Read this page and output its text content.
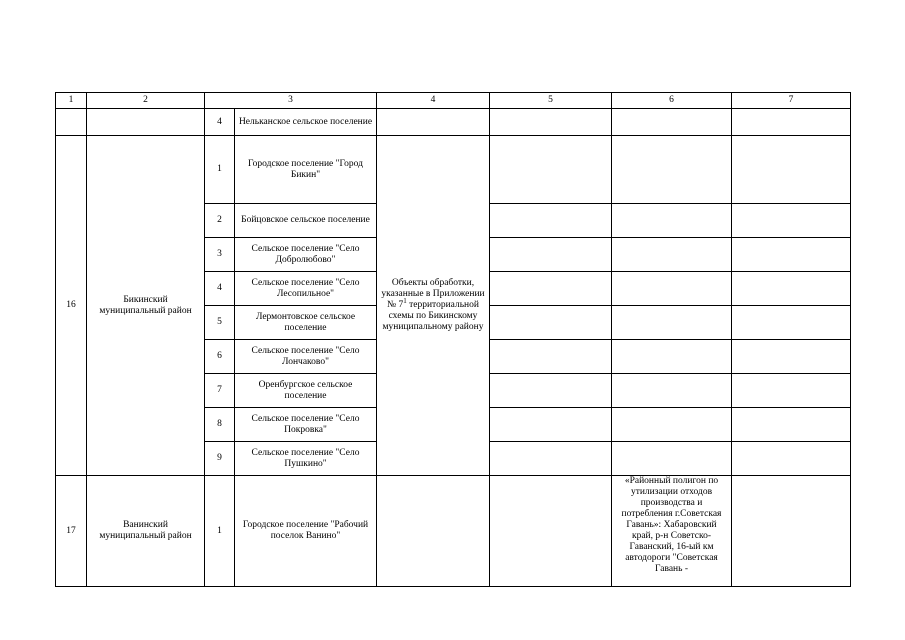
1	2	3		4	5	6	7
		4	Нельканское сельское поселение				
16	Бикинский муниципальный район	1	Городское поселение "Город Бикин"	Объекты обработки, указанные в Приложении № $7^1$ территориальной схемы по Бикинскому муниципальному району			

		2	Бойцовское сельское поселение				
		3	Сельское поселение "Село Добролюбово"				
		4	Сельское поселение "Село Лесопильное"				
		5	Лермонтовское сельское поселение				
		6	Сельское поселение "Село Лончаково"				
		7	Оренбургское сельское поселение				
		8	Сельское поселение "Село Покровка"				
		9	Сельское поселение "Село Пушкино"				
17	Ванинский муниципальный район	1	Городское поселение "Рабочий поселок Ванино"			«Районный полигон по утилизации отходов производства и потребления г.Советская Гавань»: Хабаровский край, р-н Советско-Гаванский, 16-ый км автодороги "Советская Гавань -	
